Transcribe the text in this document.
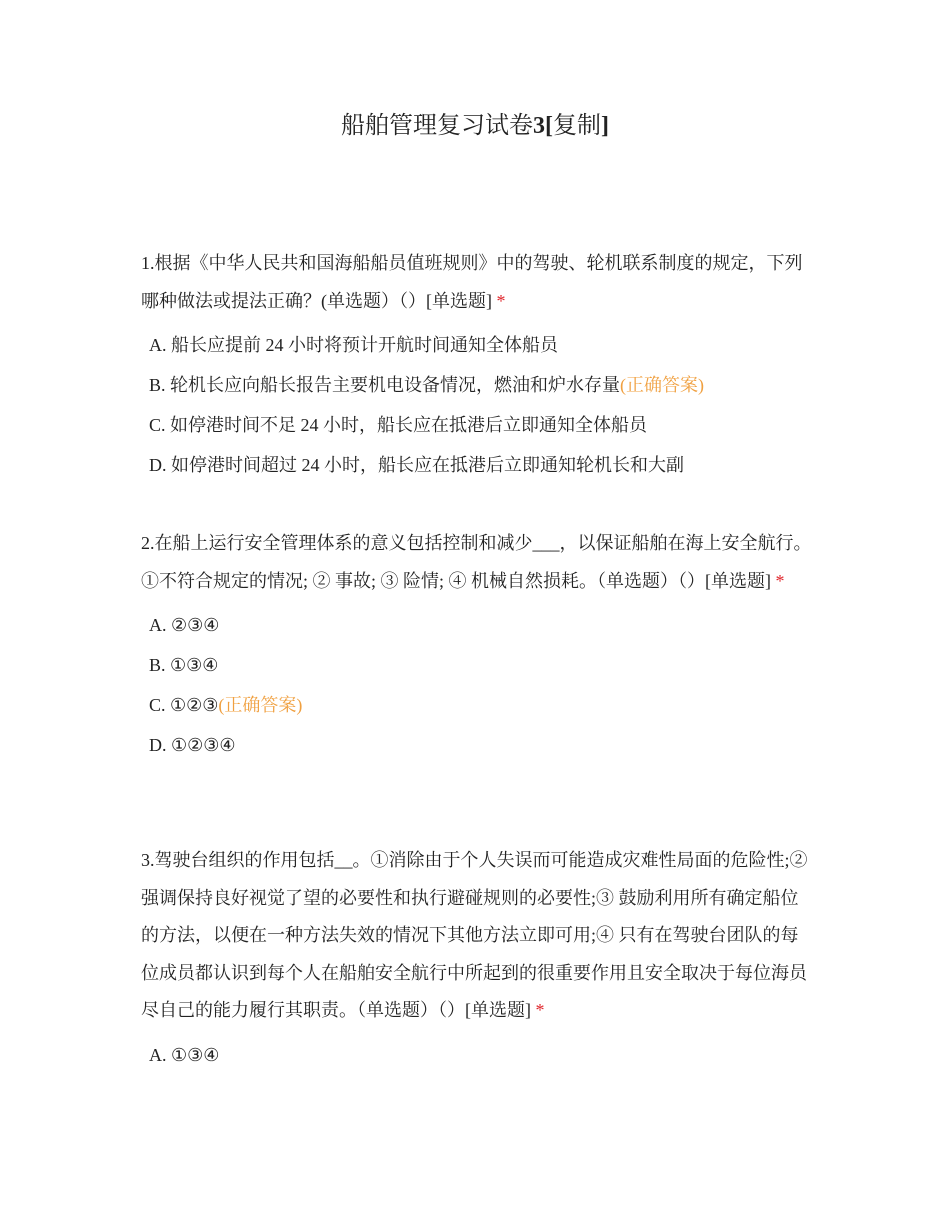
船舶管理复习试卷3[复制]

1.根据《中华人民共和国海船船员值班规则》中的驾驶、轮机联系制度的规定，下列哪种做法或提法正确？(单选题）（）[单选题] *

A. 船长应提前 24 小时将预计开航时间通知全体船员
B. 轮机长应向船长报告主要机电设备情况，燃油和炉水存量(正确答案)
C. 如停港时间不足 24 小时，船长应在抵港后立即通知全体船员
D. 如停港时间超过 24 小时，船长应在抵港后立即通知轮机长和大副

2.在船上运行安全管理体系的意义包括控制和减少___，以保证船舶在海上安全航行。①不符合规定的情况; ② 事故; ③ 险情; ④ 机械自然损耗。（单选题）（）[单选题] *

A. ②③④
B. ①③④
C. ①②③(正确答案)
D. ①②③④

3.驾驶台组织的作用包括__。①消除由于个人失误而可能造成灾难性局面的危险性;② 强调保持良好视觉了望的必要性和执行避碰规则的必要性;③ 鼓励利用所有确定船位的方法，以便在一种方法失效的情况下其他方法立即可用;④ 只有在驾驶台团队的每位成员都认识到每个人在船舶安全航行中所起到的很重要作用且安全取决于每位海员尽自己的能力履行其职责。（单选题）（）[单选题] *

A. ①③④
